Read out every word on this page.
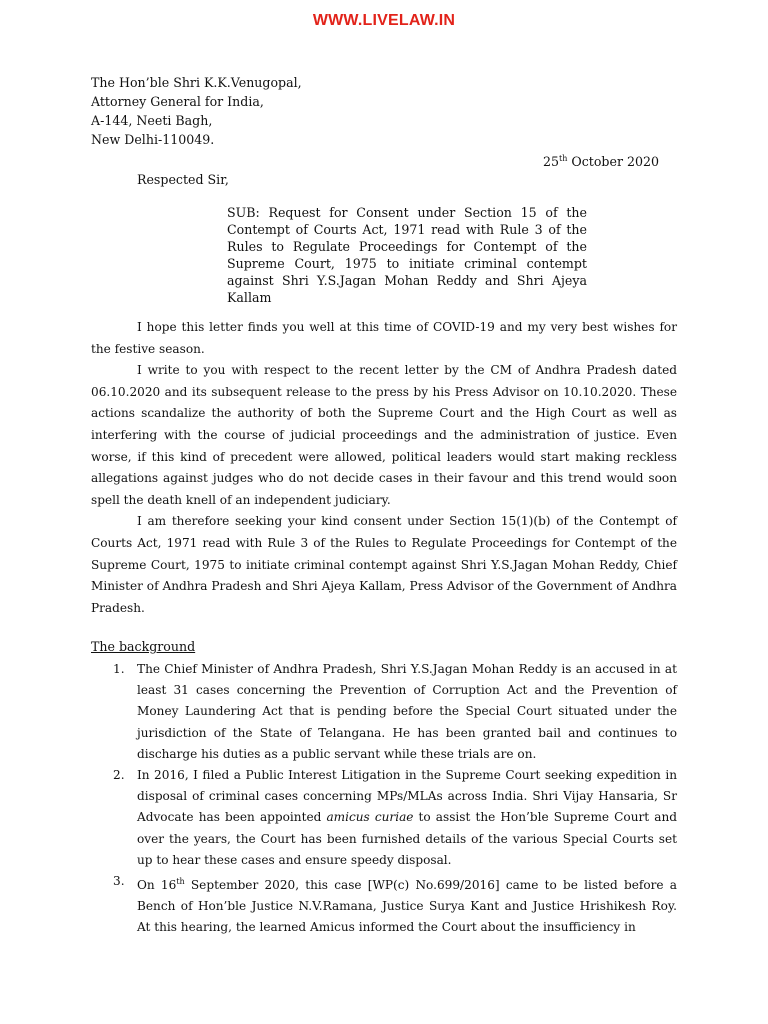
WWW.LIVELAW.IN
The Hon’ble Shri K.K.Venugopal,
Attorney General for India,
A-144, Neeti Bagh,
New Delhi-110049.
25th October 2020
Respected Sir,
SUB: Request for Consent under Section 15 of the Contempt of Courts Act, 1971 read with Rule 3 of the Rules to Regulate Proceedings for Contempt of the Supreme Court, 1975 to initiate criminal contempt against Shri Y.S.Jagan Mohan Reddy and Shri Ajeya Kallam

I hope this letter finds you well at this time of COVID-19 and my very best wishes for the festive season.

I write to you with respect to the recent letter by the CM of Andhra Pradesh dated 06.10.2020 and its subsequent release to the press by his Press Advisor on 10.10.2020. These actions scandalize the authority of both the Supreme Court and the High Court as well as interfering with the course of judicial proceedings and the administration of justice. Even worse, if this kind of precedent were allowed, political leaders would start making reckless allegations against judges who do not decide cases in their favour and this trend would soon spell the death knell of an independent judiciary.

I am therefore seeking your kind consent under Section 15(1)(b) of the Contempt of Courts Act, 1971 read with Rule 3 of the Rules to Regulate Proceedings for Contempt of the Supreme Court, 1975 to initiate criminal contempt against Shri Y.S.Jagan Mohan Reddy, Chief Minister of Andhra Pradesh and Shri Ajeya Kallam, Press Advisor of the Government of Andhra Pradesh.

The background
1. The Chief Minister of Andhra Pradesh, Shri Y.S.Jagan Mohan Reddy is an accused in at least 31 cases concerning the Prevention of Corruption Act and the Prevention of Money Laundering Act that is pending before the Special Court situated under the jurisdiction of the State of Telangana. He has been granted bail and continues to discharge his duties as a public servant while these trials are on.
2. In 2016, I filed a Public Interest Litigation in the Supreme Court seeking expedition in disposal of criminal cases concerning MPs/MLAs across India. Shri Vijay Hansaria, Sr Advocate has been appointed amicus curiae to assist the Hon’ble Supreme Court and over the years, the Court has been furnished details of the various Special Courts set up to hear these cases and ensure speedy disposal.
3. On 16th September 2020, this case [WP(c) No.699/2016] came to be listed before a Bench of Hon’ble Justice N.V.Ramana, Justice Surya Kant and Justice Hrishikesh Roy. At this hearing, the learned Amicus informed the Court about the insufficiency in
